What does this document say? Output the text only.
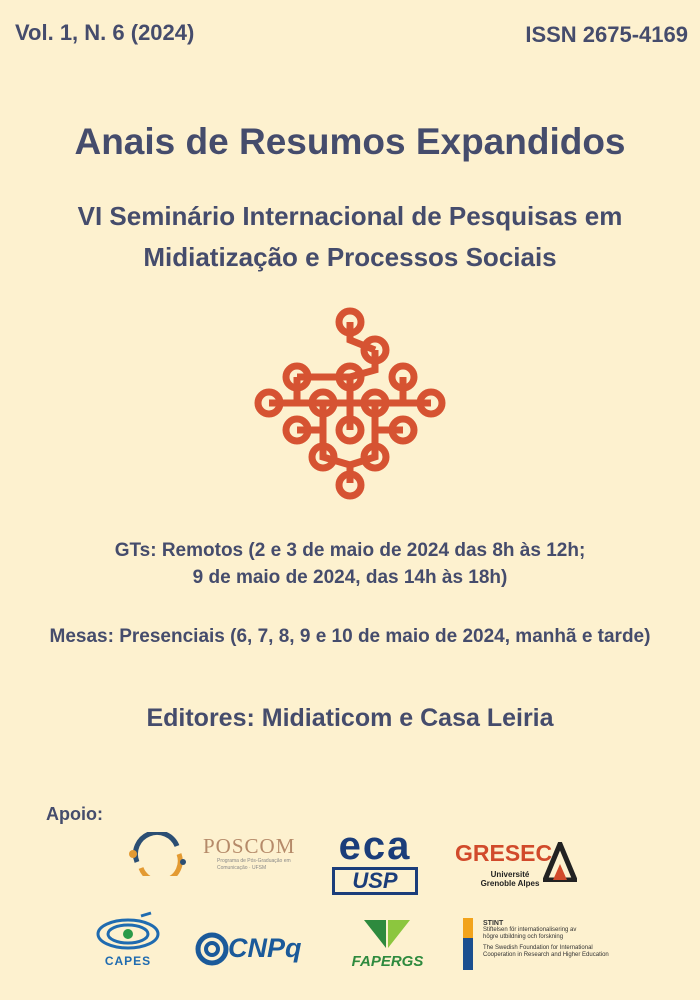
Vol. 1, N. 6 (2024)	ISSN 2675-4169
Anais de Resumos Expandidos
VI Seminário Internacional de Pesquisas em
Midiatização e Processos Sociais
GTs: Remotos (2 e 3 de maio de 2024 das 8h às 12h;
9 de maio de 2024, das 14h às 18h)
Mesas: Presenciais (6, 7, 8, 9 e 10 de maio de 2024, manhã e tarde)
Editores: Midiaticom e Casa Leiria
Apoio:
POSCOM
Programa de Pós-Graduação em Comunicação · UFSM	eca
USP
GRESEC
Université
Grenoble Alpes
CAPES	CNPq	FAPERGS
STINT
Stiftelsen för internationalisering av
högre utbildning och forskning
The Swedish Foundation for International
Cooperation in Research and Higher Education
